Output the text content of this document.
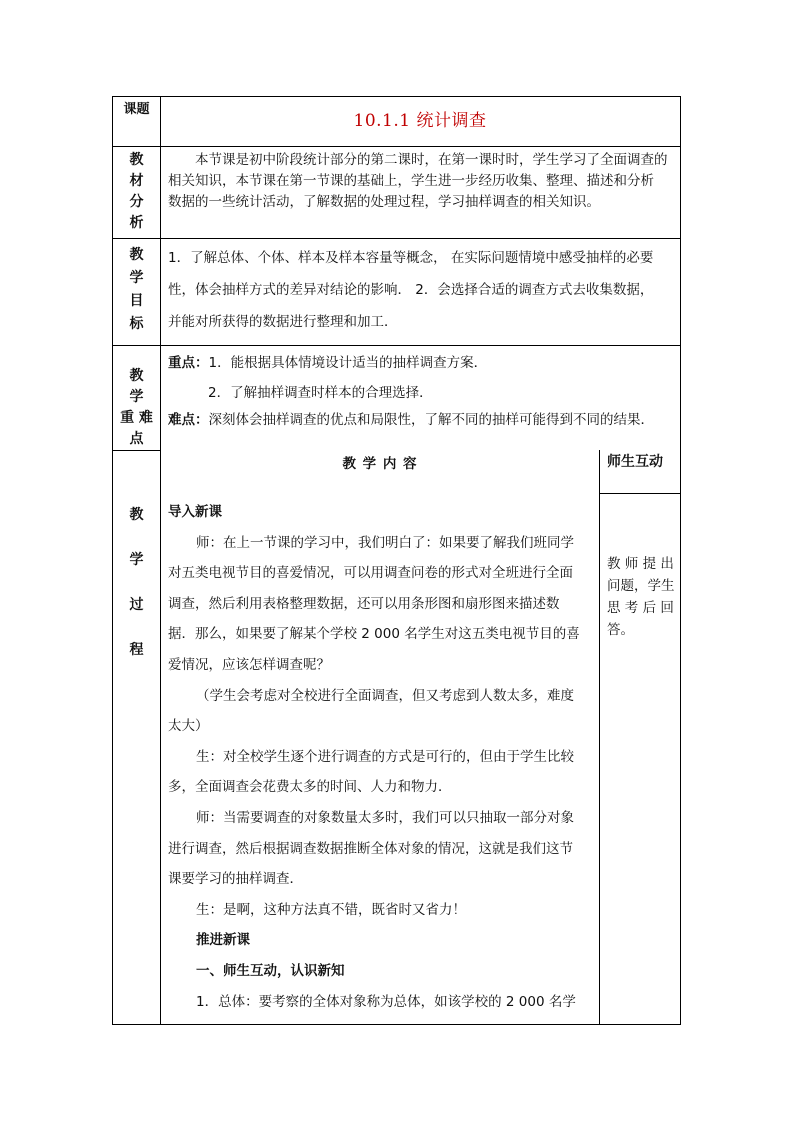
课题
10.1.1 统计调查
教
材
分
析
　　本节课是初中阶段统计部分的第二课时，在第一课时时，学生学习了全面调查的
相关知识，本节课在第一节课的基础上，学生进一步经历收集、整理、描述和分析
数据的一些统计活动，了解数据的处理过程，学习抽样调查的相关知识。
教
学
目
标
1．了解总体、个体、样本及样本容量等概念， 在实际问题情境中感受抽样的必要
性，体会抽样方式的差异对结论的影响． 2．会选择合适的调查方式去收集数据，
并能对所获得的数据进行整理和加工．
教
学
重 难
点
重点：1．能根据具体情境设计适当的抽样调查方案．
2．了解抽样调查时样本的合理选择．
难点：深刻体会抽样调查的优点和局限性，了解不同的抽样可能得到不同的结果．
教
学
过
程
教 学 内 容	师生互动
教 师 提 出
问题，学生
思 考 后 回
答。
导入新课
师：在上一节课的学习中，我们明白了：如果要了解我们班同学
对五类电视节目的喜爱情况，可以用调查问卷的形式对全班进行全面
调查，然后利用表格整理数据，还可以用条形图和扇形图来描述数
据．那么，如果要了解某个学校 2 000 名学生对这五类电视节目的喜
爱情况，应该怎样调查呢？
（学生会考虑对全校进行全面调查，但又考虑到人数太多，难度
太大）
生：对全校学生逐个进行调查的方式是可行的，但由于学生比较
多，全面调查会花费太多的时间、人力和物力．
师：当需要调查的对象数量太多时，我们可以只抽取一部分对象
进行调查，然后根据调查数据推断全体对象的情况，这就是我们这节
课要学习的抽样调查．
生：是啊，这种方法真不错，既省时又省力！
推进新课
一、师生互动，认识新知
1．总体：要考察的全体对象称为总体，如该学校的 2 000 名学
